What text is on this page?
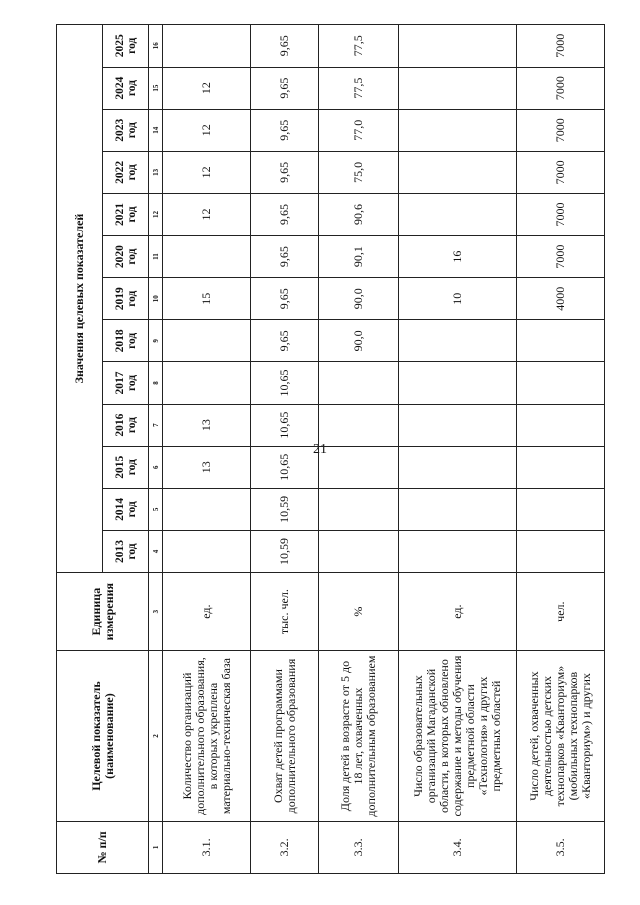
21
№ п/п	Целевой показатель (наименование)	Единица измерения	Значения целевых показателей												
			2013 год	2014 год	2015 год	2016 год	2017 год	2018 год	2019 год	2020 год	2021 год	2022 год	2023 год	2024 год	2025 год
1	2	3	4	5	6	7	8	9	10	11	12	13	14	15	16
3.1.	Количество организаций дополнительного образования, в которых укреплена материально-техническая база	ед.			13	13			15		12	12	12	12	
3.2.	Охват детей программами дополнительного образования	тыс. чел.	10,59	10,59	10,65	10,65	10,65	9,65	9,65	9,65	9,65	9,65	9,65	9,65	9,65
3.3.	Доля детей в возрасте от 5 до 18 лет, охваченных дополнительным образованием	%						90,0	90,0	90,1	90,6	75,0	77,0	77,5	77,5
3.4.	Число образовательных организаций Магаданской области, в которых обновлено содержание и методы обучения предметной области «Технология» и других предметных областей	ед.							10	16					
3.5.	Число детей, охваченных деятельностью детских технопарков «Кванториум» (мобильных технопарков «Кванториум») и других	чел.							4000	7000	7000	7000	7000	7000	7000
